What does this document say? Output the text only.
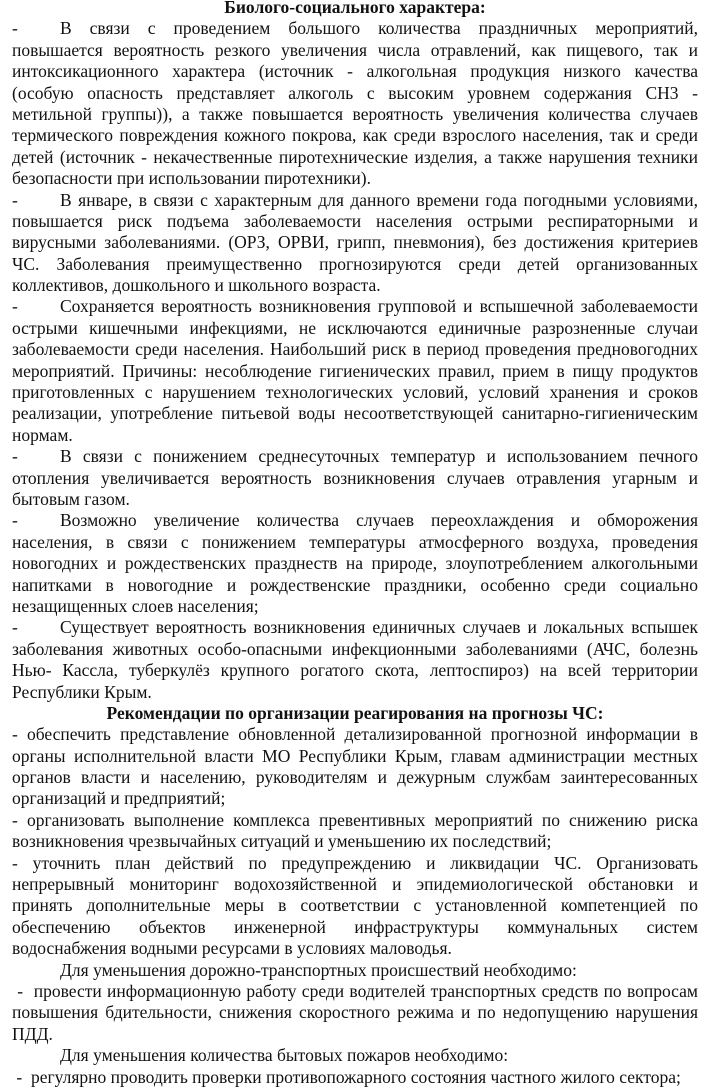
Биолого-социального характера:
- В связи с проведением большого количества праздничных мероприятий,
повышается вероятность резкого увеличения числа отравлений, как пищевого, так и
интоксикационного характера (источник - алкогольная продукция низкого качества
(особую опасность представляет алкоголь с высоким уровнем содержания СН3 -
метильной группы)), а также повышается вероятность увеличения количества случаев
термического повреждения кожного покрова, как среди взрослого населения, так и среди
детей (источник - некачественные пиротехнические изделия, а также нарушения техники
безопасности при использовании пиротехники).
- В январе, в связи с характерным для данного времени года погодными условиями,
повышается риск подъема заболеваемости населения острыми респираторными и
вирусными заболеваниями. (ОРЗ, ОРВИ, грипп, пневмония), без достижения критериев
ЧС. Заболевания преимущественно прогнозируются среди детей организованных
коллективов, дошкольного и школьного возраста.
- Сохраняется вероятность возникновения групповой и вспышечной заболеваемости
острыми кишечными инфекциями, не исключаются единичные разрозненные случаи
заболеваемости среди населения. Наибольший риск в период проведения предновогодних
мероприятий. Причины: несоблюдение гигиенических правил, прием в пищу продуктов
приготовленных с нарушением технологических условий, условий хранения и сроков
реализации, употребление питьевой воды несоответствующей санитарно-гигиеническим
нормам.
- В связи с понижением среднесуточных температур и использованием печного
отопления увеличивается вероятность возникновения случаев отравления угарным и
бытовым газом.
- Возможно увеличение количества случаев переохлаждения и обморожения
населения, в связи с понижением температуры атмосферного воздуха, проведения
новогодних и рождественских празднеств на природе, злоупотреблением алкогольными
напитками в новогодние и рождественские праздники, особенно среди социально
незащищенных слоев населения;
- Существует вероятность возникновения единичных случаев и локальных вспышек
заболевания животных особо-опасными инфекционными заболеваниями (АЧС, болезнь
Нью- Кассла, туберкулёз крупного рогатого скота, лептоспироз) на всей территории
Республики Крым.
Рекомендации по организации реагирования на прогнозы ЧС:
- обеспечить представление обновленной детализированной прогнозной информации в
органы исполнительной власти МО Республики Крым, главам администрации местных
органов власти и населению, руководителям и дежурным службам заинтересованных
организаций и предприятий;
- организовать выполнение комплекса превентивных мероприятий по снижению риска
возникновения чрезвычайных ситуаций и уменьшению их последствий;
- уточнить план действий по предупреждению и ликвидации ЧС. Организовать
непрерывный мониторинг водохозяйственной и эпидемиологической обстановки и
принять дополнительные меры в соответствии с установленной компетенцией по
обеспечению объектов инженерной инфраструктуры коммунальных систем
водоснабжения водными ресурсами в условиях маловодья.
Для уменьшения дорожно-транспортных происшествий необходимо:
-  провести информационную работу среди водителей транспортных средств по вопросам
повышения бдительности, снижения скоростного режима и по недопущению нарушения
ПДД.
Для уменьшения количества бытовых пожаров необходимо:
-  регулярно проводить проверки противопожарного состояния частного жилого сектора;
